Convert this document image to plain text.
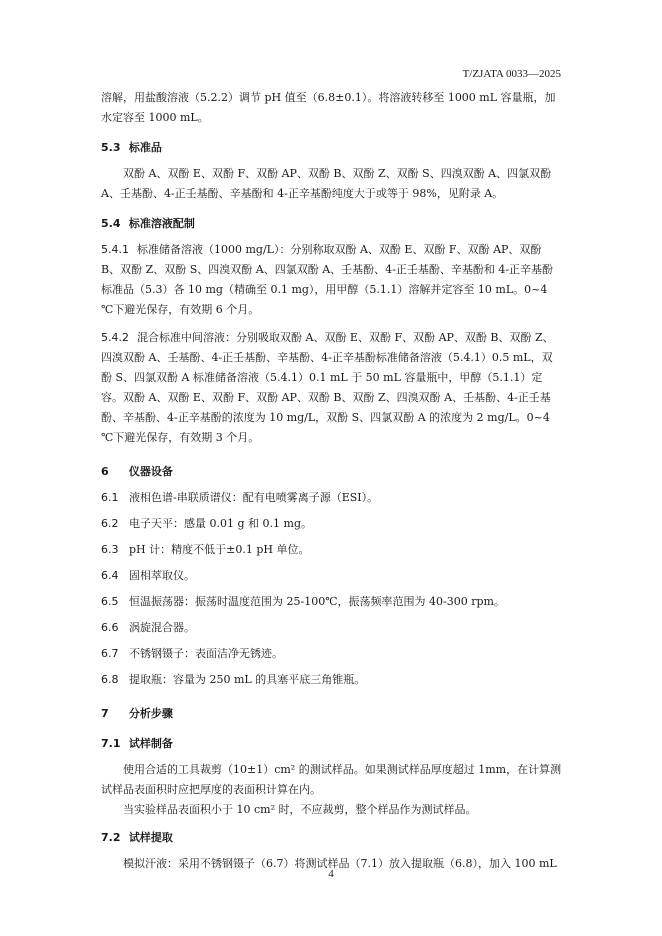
T/ZJATA 0033—2025

溶解，用盐酸溶液（5.2.2）调节 pH 值至（6.8±0.1）。将溶液转移至 1000 mL 容量瓶，加水定容至 1000 mL。

5.3 标准品

双酚 A、双酚 E、双酚 F、双酚 AP、双酚 B、双酚 Z、双酚 S、四溴双酚 A、四氯双酚 A、壬基酚、4-正壬基酚、辛基酚和 4-正辛基酚纯度大于或等于 98%，见附录 A。

5.4 标准溶液配制

5.4.1 标准储备溶液（1000 mg/L）：分别称取双酚 A、双酚 E、双酚 F、双酚 AP、双酚 B、双酚 Z、双酚 S、四溴双酚 A、四氯双酚 A、壬基酚、4-正壬基酚、辛基酚和 4-正辛基酚标准品（5.3）各 10 mg（精确至 0.1 mg），用甲醇（5.1.1）溶解并定容至 10 mL。0~4 ℃下避光保存，有效期 6 个月。

5.4.2 混合标准中间溶液：分别吸取双酚 A、双酚 E、双酚 F、双酚 AP、双酚 B、双酚 Z、四溴双酚 A、壬基酚、4-正壬基酚、辛基酚、4-正辛基酚标准储备溶液（5.4.1）0.5 mL，双酚 S、四氯双酚 A 标准储备溶液（5.4.1）0.1 mL 于 50 mL 容量瓶中，甲醇（5.1.1）定容。双酚 A、双酚 E、双酚 F、双酚 AP、双酚 B、双酚 Z、四溴双酚 A、壬基酚、4-正壬基酚、辛基酚、4-正辛基酚的浓度为 10 mg/L，双酚 S、四氯双酚 A 的浓度为 2 mg/L。0~4 ℃下避光保存，有效期 3 个月。

6 仪器设备

6.1 液相色谱-串联质谱仪：配有电喷雾离子源（ESI）。

6.2 电子天平：感量 0.01 g 和 0.1 mg。

6.3 pH 计：精度不低于±0.1 pH 单位。

6.4 固相萃取仪。

6.5 恒温振荡器：振荡时温度范围为 25-100℃，振荡频率范围为 40-300 rpm。

6.6 涡旋混合器。

6.7 不锈钢镊子：表面洁净无锈迹。

6.8 提取瓶：容量为 250 mL 的具塞平底三角锥瓶。

7 分析步骤

7.1 试样制备

使用合适的工具裁剪（10±1）cm² 的测试样品。如果测试样品厚度超过 1mm，在计算测试样品表面积时应把厚度的表面积计算在内。

当实验样品表面积小于 10 cm² 时，不应裁剪，整个样品作为测试样品。

7.2 试样提取

模拟汗液：采用不锈钢镊子（6.7）将测试样品（7.1）放入提取瓶（6.8），加入 100 mL

4
